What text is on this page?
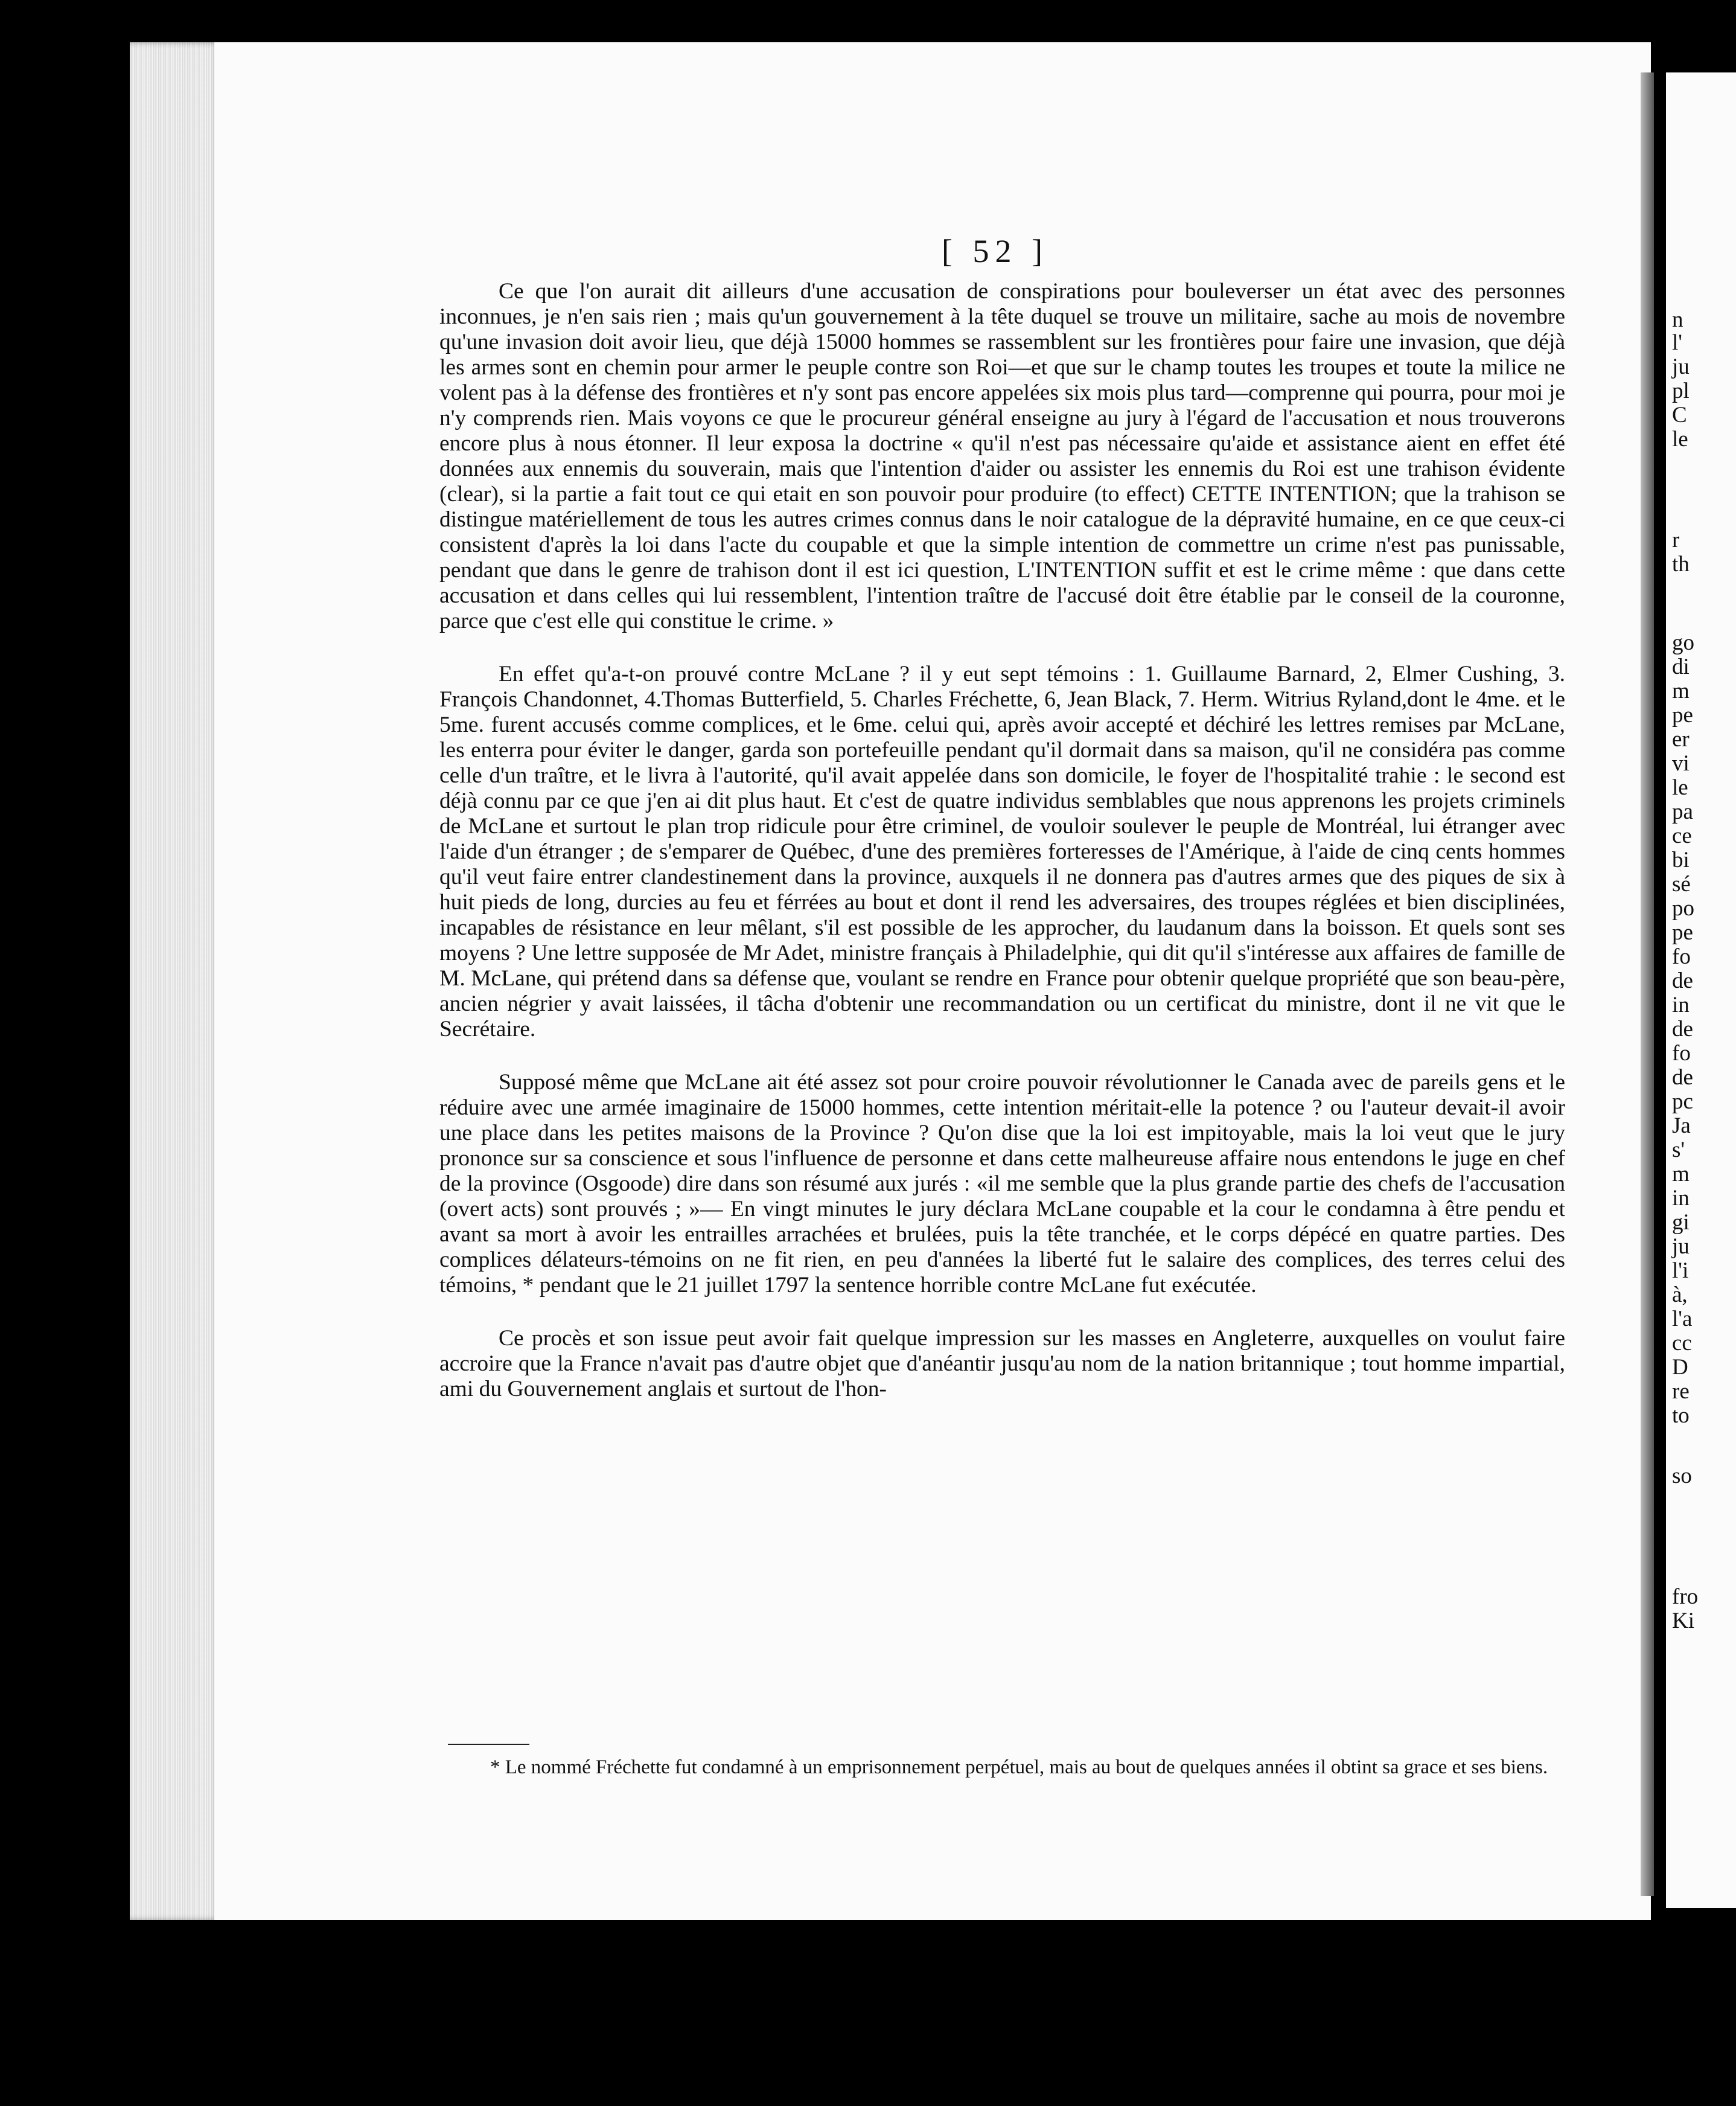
[ 52 ]

Ce que l'on aurait dit ailleurs d'une accusation de conspirations pour bouleverser un état avec des personnes inconnues, je n'en sais rien ; mais qu'un gouvernement à la tête duquel se trouve un militaire, sache au mois de novembre qu'une invasion doit avoir lieu, que déjà 15000 hommes se rassemblent sur les frontières pour faire une invasion, que déjà les armes sont en chemin pour armer le peuple contre son Roi—et que sur le champ toutes les troupes et toute la milice ne volent pas à la défense des frontières et n'y sont pas encore appelées six mois plus tard—comprenne qui pourra, pour moi je n'y comprends rien. Mais voyons ce que le procureur général enseigne au jury à l'égard de l'accusation et nous trouverons encore plus à nous étonner. Il leur exposa la doctrine « qu'il n'est pas nécessaire qu'aide et assistance aient en effet été données aux ennemis du souverain, mais que l'intention d'aider ou assister les ennemis du Roi est une trahison évidente (clear), si la partie a fait tout ce qui etait en son pouvoir pour produire (to effect) CETTE INTENTION; que la trahison se distingue matériellement de tous les autres crimes connus dans le noir catalogue de la dépravité humaine, en ce que ceux-ci consistent d'après la loi dans l'acte du coupable et que la simple intention de commettre un crime n'est pas punissable, pendant que dans le genre de trahison dont il est ici question, L'INTENTION suffit et est le crime même : que dans cette accusation et dans celles qui lui ressemblent, l'intention traître de l'accusé doit être établie par le conseil de la couronne, parce que c'est elle qui constitue le crime. »

En effet qu'a-t-on prouvé contre McLane ? il y eut sept témoins : 1. Guillaume Barnard, 2, Elmer Cushing, 3. François Chandonnet, 4.Thomas Butterfield, 5. Charles Fréchette, 6, Jean Black, 7. Herm. Witrius Ryland,dont le 4me. et le 5me. furent accusés comme complices, et le 6me. celui qui, après avoir accepté et déchiré les lettres remises par McLane, les enterra pour éviter le danger, garda son portefeuille pendant qu'il dormait dans sa maison, qu'il ne considéra pas comme celle d'un traître, et le livra à l'autorité, qu'il avait appelée dans son domicile, le foyer de l'hospitalité trahie : le second est déjà connu par ce que j'en ai dit plus haut. Et c'est de quatre individus semblables que nous apprenons les projets criminels de McLane et surtout le plan trop ridicule pour être criminel, de vouloir soulever le peuple de Montréal, lui étranger avec l'aide d'un étranger ; de s'emparer de Québec, d'une des premières forteresses de l'Amérique, à l'aide de cinq cents hommes qu'il veut faire entrer clandestinement dans la province, auxquels il ne donnera pas d'autres armes que des piques de six à huit pieds de long, durcies au feu et férrées au bout et dont il rend les adversaires, des troupes réglées et bien disciplinées, incapables de résistance en leur mêlant, s'il est possible de les approcher, du laudanum dans la boisson. Et quels sont ses moyens ? Une lettre supposée de Mr Adet, ministre français à Philadelphie, qui dit qu'il s'intéresse aux affaires de famille de M. McLane, qui prétend dans sa défense que, voulant se rendre en France pour obtenir quelque propriété que son beau-père, ancien négrier y avait laissées, il tâcha d'obtenir une recommandation ou un certificat du ministre, dont il ne vit que le Secrétaire.

Supposé même que McLane ait été assez sot pour croire pouvoir révolutionner le Canada avec de pareils gens et le réduire avec une armée imaginaire de 15000 hommes, cette intention méritait-elle la potence ? ou l'auteur devait-il avoir une place dans les petites maisons de la Province ? Qu'on dise que la loi est impitoyable, mais la loi veut que le jury prononce sur sa conscience et sous l'influence de personne et dans cette malheureuse affaire nous entendons le juge en chef de la province (Osgoode) dire dans son résumé aux jurés : «il me semble que la plus grande partie des chefs de l'accusation (overt acts) sont prouvés ; »— En vingt minutes le jury déclara McLane coupable et la cour le condamna à être pendu et avant sa mort à avoir les entrailles arrachées et brulées, puis la tête tranchée, et le corps dépécé en quatre parties. Des complices délateurs-témoins on ne fit rien, en peu d'années la liberté fut le salaire des complices, des terres celui des témoins, * pendant que le 21 juillet 1797 la sentence horrible contre McLane fut exécutée.

Ce procès et son issue peut avoir fait quelque impression sur les masses en Angleterre, auxquelles on voulut faire accroire que la France n'avait pas d'autre objet que d'anéantir jusqu'au nom de la nation britannique ; tout homme impartial, ami du Gouvernement anglais et surtout de l'hon-

* Le nommé Fréchette fut condamné à un emprisonnement perpétuel, mais au bout de quelques années il obtint sa grace et ses biens.
n
l'
ju
pl
C
le
r
th
go
di
m
pe
er
vi
le
pa
ce
bi
sé
po
pe
fo
de
in
de
fo
de
pc
Ja
s'
m
in
gi
ju
l'i
à,
l'a
cc
D
re
to
so
fro
Ki
